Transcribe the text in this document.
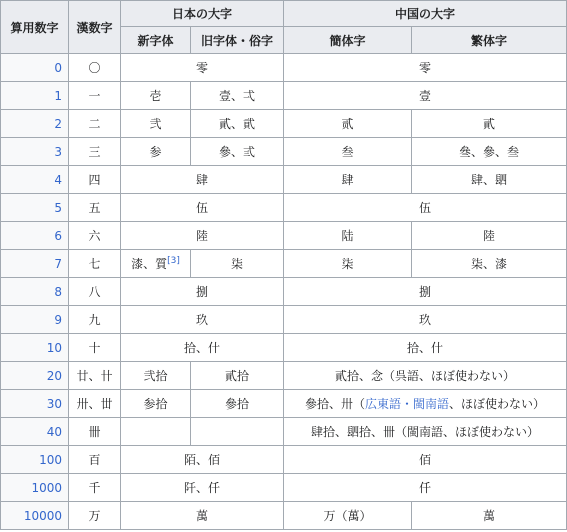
算用数字	漢数字	日本の大字		中国の大字	
		新字体	旧字体・俗字	簡体字	繁体字
0	〇	零		零	
1	一	壱	壹、弌	壹	
2	二	弐	貳、貮	贰	貳
3	三	参	參、弎	叁	叄、參、叁
4	四	肆		肆	肆、䦉
5	五	伍		伍	
6	六	陸		陆	陸
7	七	漆、質[3]	柒	柒	柒、漆
8	八	捌		捌	
9	九	玖		玖	
10	十	拾、什		拾、什	
20	廿、卄	弐拾	貳拾	貳拾、念（呉語、ほぼ使わない）	
30	卅、丗	参拾	參拾	參拾、卅（広東語・閩南語、ほぼ使わない）	
40	卌			肆拾、䦉拾、卌（閩南語、ほぼ使わない）	
100	百	陌、佰		佰	
1000	千	阡、仟		仟	
10000	万	萬		万（萬）	萬
